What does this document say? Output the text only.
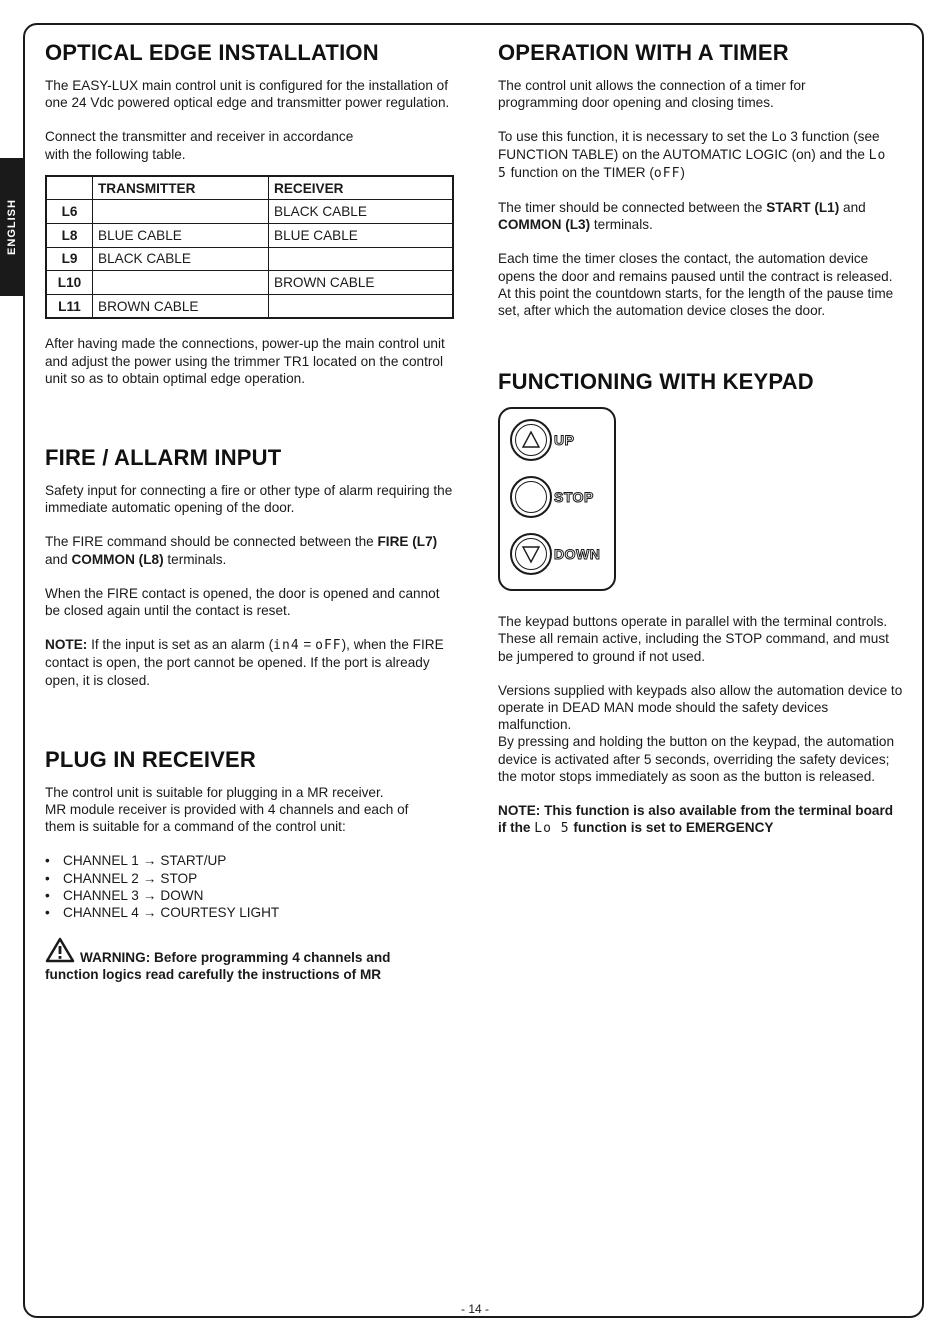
ENGLISH
OPTICAL EDGE INSTALLATION

The EASY-LUX main control unit is configured for the installation of one 24 Vdc powered optical edge and transmitter power regulation.

Connect the transmitter and receiver in accordance with the following table.

	TRANSMITTER	RECEIVER
L6		BLACK CABLE
L8	BLUE CABLE	BLUE CABLE
L9	BLACK CABLE	
L10		BROWN CABLE
L11	BROWN CABLE	

After having made the connections, power-up the main control unit and adjust the power using the trimmer TR1 located on the control unit so as to obtain optimal edge operation.

FIRE / ALLARM INPUT

Safety input for connecting a fire or other type of alarm requiring the immediate automatic opening of the door.

The FIRE command should be connected between the FIRE (L7) and COMMON (L8) terminals.

When the FIRE contact is opened, the door is opened and cannot be closed again until the contact is reset.

NOTE: If the input is set as an alarm (in4 = oFF), when the FIRE contact is open, the port cannot be opened. If the port is already open, it is closed.

PLUG IN RECEIVER

The control unit is suitable for plugging in a MR receiver.

MR module receiver is provided with 4 channels and each of them is suitable for a command of the control unit:

• CHANNEL 1 → START/UP
• CHANNEL 2 → STOP
• CHANNEL 3 → DOWN
• CHANNEL 4 → COURTESY LIGHT

WARNING: Before programming 4 channels and function logics read carefully the instructions of MR

OPERATION WITH A TIMER

The control unit allows the connection of a timer for programming door opening and closing times.

To use this function, it is necessary to set the Lo 3 function (see FUNCTION TABLE) on the AUTOMATIC LOGIC (on) and the Lo 5 function on the TIMER (oFF)

The timer should be connected between the START (L1) and COMMON (L3) terminals.

Each time the timer closes the contact, the automation device opens the door and remains paused until the contract is released. At this point the countdown starts, for the length of the pause time set, after which the automation device closes the door.

FUNCTIONING WITH KEYPAD
UP
STOP
DOWN

The keypad buttons operate in parallel with the terminal controls. These all remain active, including the STOP command, and must be jumpered to ground if not used.

Versions supplied with keypads also allow the automation device to operate in DEAD MAN mode should the safety devices malfunction.

By pressing and holding the button on the keypad, the automation device is activated after 5 seconds, overriding the safety devices; the motor stops immediately as soon as the button is released.

NOTE: This function is also available from the terminal board if the Lo 5 function is set to EMERGENCY

- 14 -
